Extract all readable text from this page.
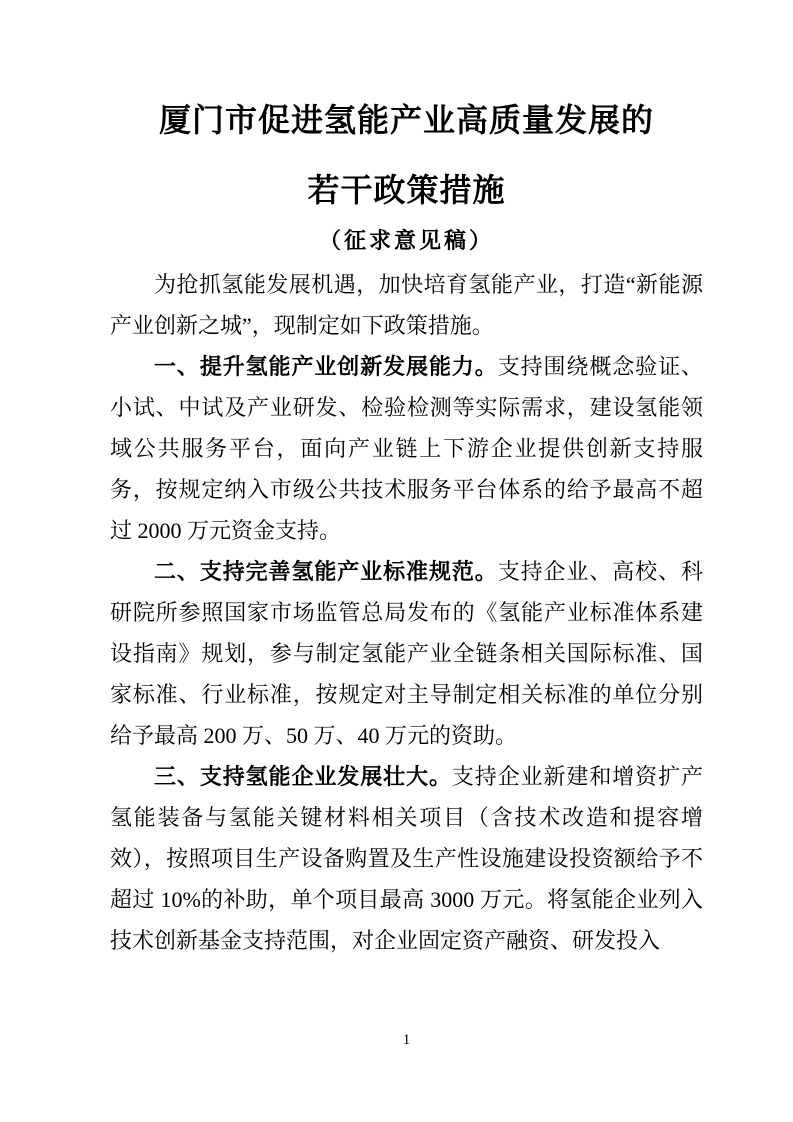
厦门市促进氢能产业高质量发展的
若干政策措施
（征求意见稿）

为抢抓氢能发展机遇，加快培育氢能产业，打造“新能源产业创新之城”，现制定如下政策措施。

一、提升氢能产业创新发展能力。支持围绕概念验证、小试、中试及产业研发、检验检测等实际需求，建设氢能领域公共服务平台，面向产业链上下游企业提供创新支持服务，按规定纳入市级公共技术服务平台体系的给予最高不超过 2000 万元资金支持。

二、支持完善氢能产业标准规范。支持企业、高校、科研院所参照国家市场监管总局发布的《氢能产业标准体系建设指南》规划，参与制定氢能产业全链条相关国际标准、国家标准、行业标准，按规定对主导制定相关标准的单位分别给予最高 200 万、50 万、40 万元的资助。

三、支持氢能企业发展壮大。支持企业新建和增资扩产氢能装备与氢能关键材料相关项目（含技术改造和提容增效），按照项目生产设备购置及生产性设施建设投资额给予不超过 10%的补助，单个项目最高 3000 万元。将氢能企业列入技术创新基金支持范围，对企业固定资产融资、研发投入

1
